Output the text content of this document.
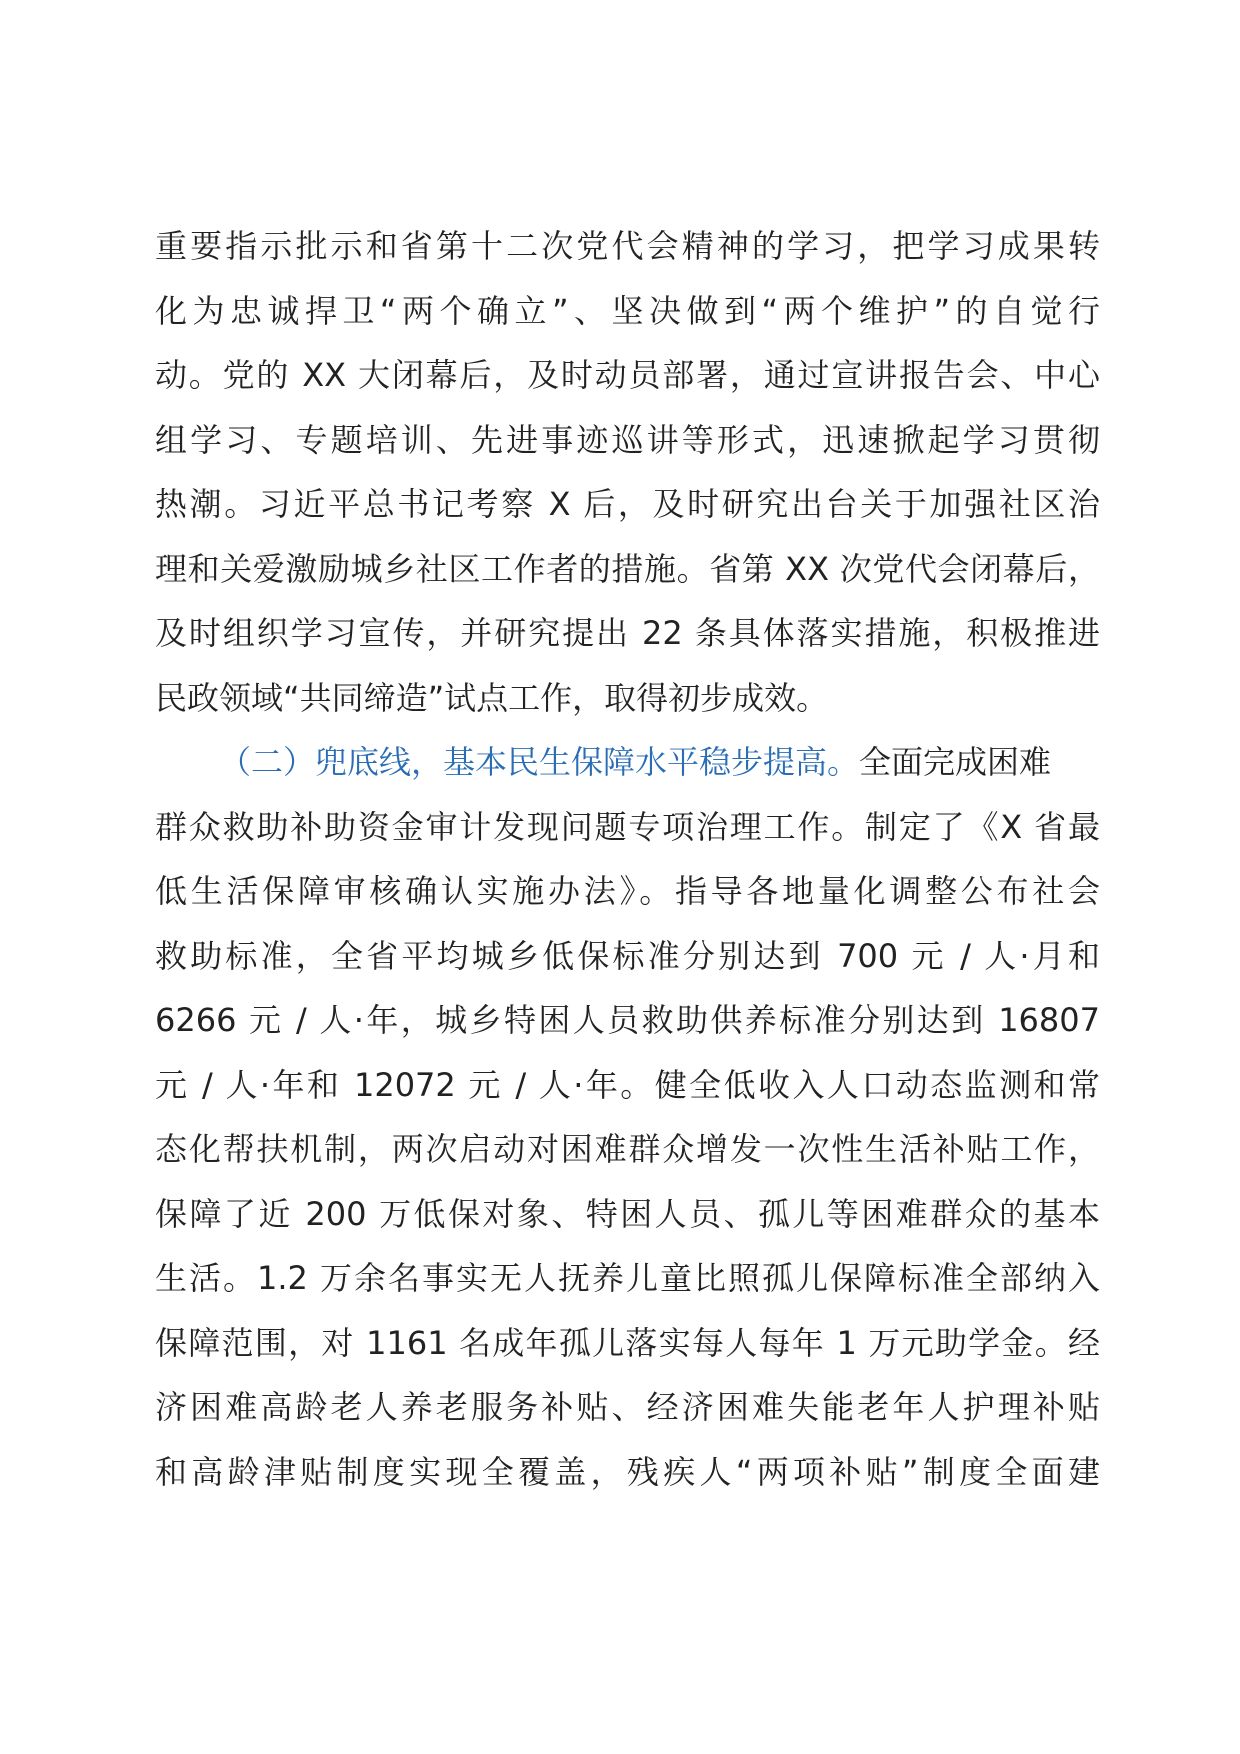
重要指示批示和省第十二次党代会精神的学习，把学习成果转
化为忠诚捍卫“两个确立”、坚决做到“两个维护”的自觉行
动。党的 XX 大闭幕后，及时动员部署，通过宣讲报告会、中心
组学习、专题培训、先进事迹巡讲等形式，迅速掀起学习贯彻
热潮。习近平总书记考察 X 后，及时研究出台关于加强社区治
理和关爱激励城乡社区工作者的措施。省第 XX 次党代会闭幕后，
及时组织学习宣传，并研究提出 22 条具体落实措施，积极推进
民政领域“共同缔造”试点工作，取得初步成效。
（二）兜底线，基本民生保障水平稳步提高。全面完成困难
群众救助补助资金审计发现问题专项治理工作。制定了《X 省最
低生活保障审核确认实施办法》。指导各地量化调整公布社会
救助标准，全省平均城乡低保标准分别达到 700 元 / 人·月和
6266 元 / 人·年，城乡特困人员救助供养标准分别达到 16807
元 / 人·年和 12072 元 / 人·年。健全低收入人口动态监测和常
态化帮扶机制，两次启动对困难群众增发一次性生活补贴工作，
保障了近 200 万低保对象、特困人员、孤儿等困难群众的基本
生活。1.2 万余名事实无人抚养儿童比照孤儿保障标准全部纳入
保障范围，对 1161 名成年孤儿落实每人每年 1 万元助学金。经
济困难高龄老人养老服务补贴、经济困难失能老年人护理补贴
和高龄津贴制度实现全覆盖，残疾人“两项补贴”制度全面建
